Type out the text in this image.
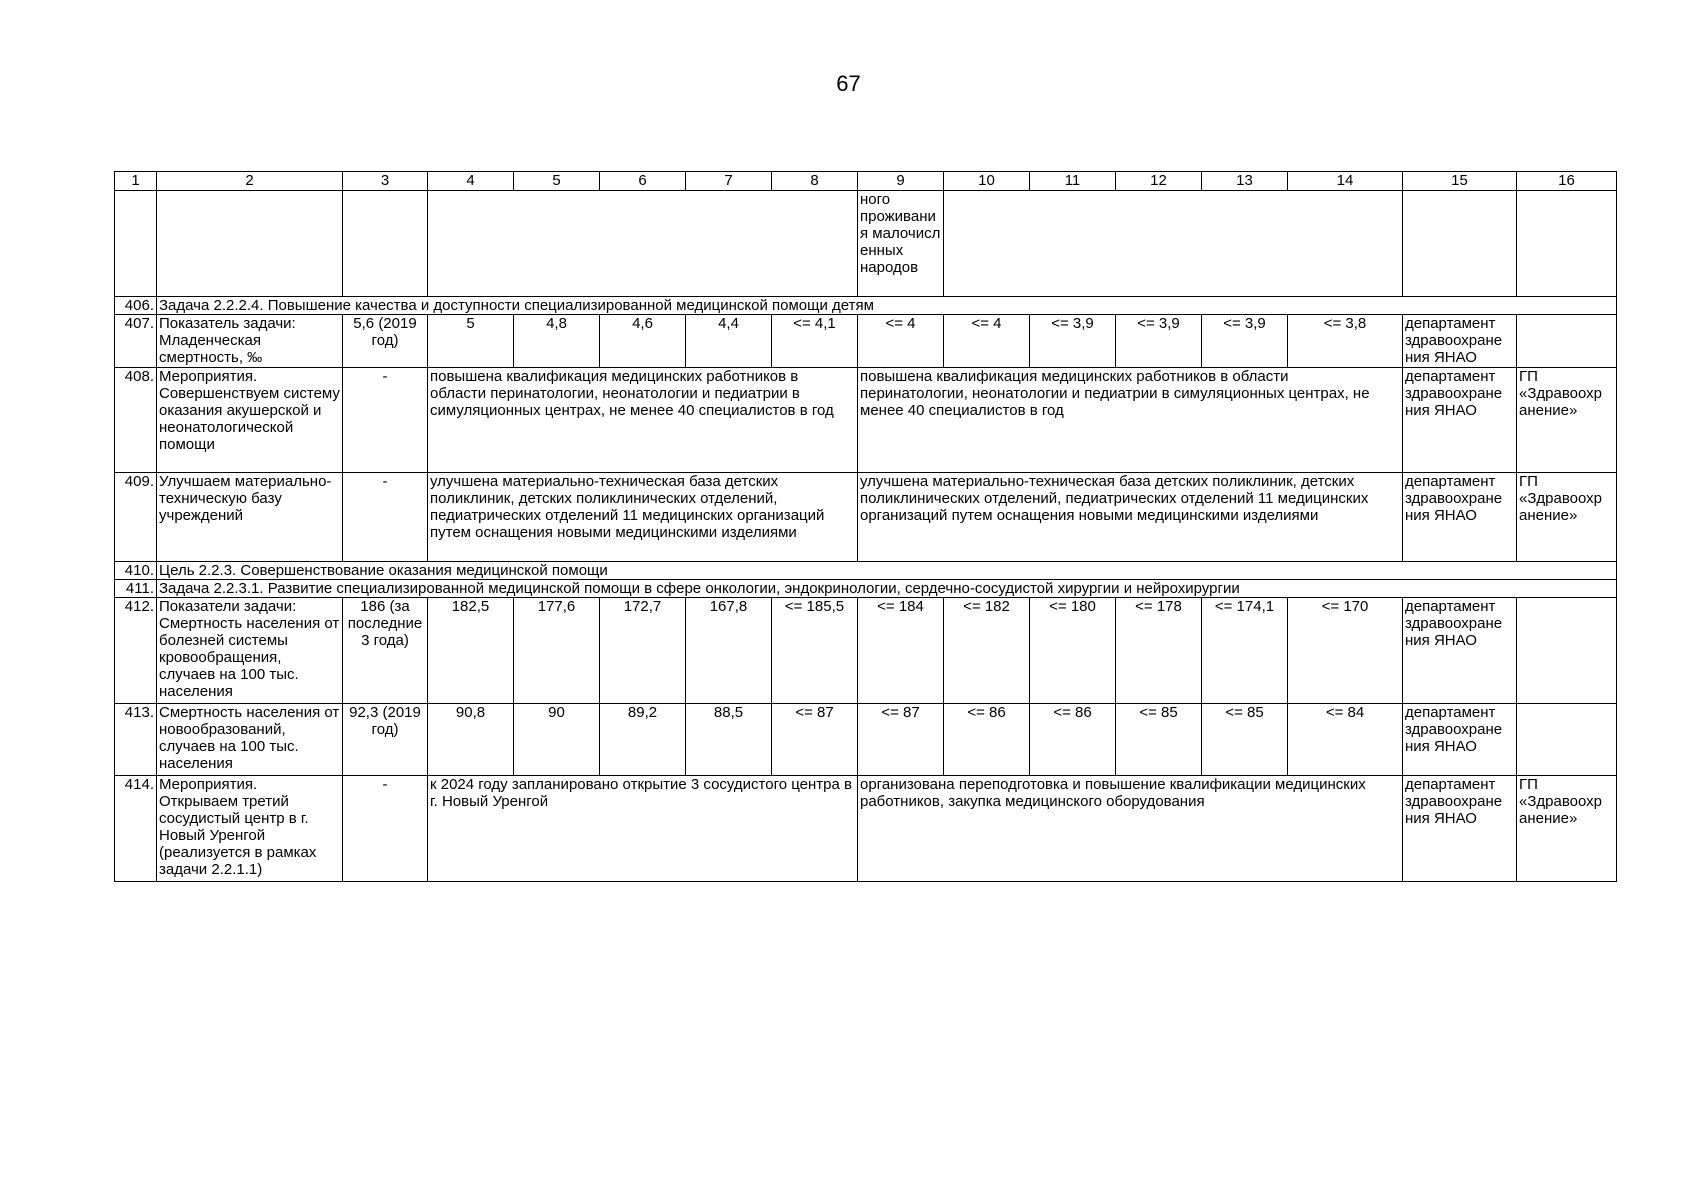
67
1	2	3	4	5	6	7	8	9	10	11	12	13	14	15	16
								ного проживани я малочисл енных народов							
406.	Задача 2.2.2.4. Повышение качества и доступности специализированной медицинской помощи детям														
407.	Показатель задачи: Младенческая смертность, ‰	5,6 (2019 год)	5	4,8	4,6	4,4	<= 4,1	<= 4	<= 4	<= 3,9	<= 3,9	<= 3,9	<= 3,8	департамент здравоохране ния ЯНАО	
408.	Мероприятия. Совершенствуем систему оказания акушерской и неонатологической помощи	-	повышена квалификация медицинских работников в области перинатологии, неонатологии и педиатрии в симуляционных центрах, не менее 40 специалистов в год					повышена квалификация медицинских работников в области перинатологии, неонатологии и педиатрии в симуляционных центрах, не менее 40 специалистов в год						департамент здравоохране ния ЯНАО	ГП «Здравоохр анение»
409.	Улучшаем материально-техническую базу учреждений	-	улучшена материально-техническая база детских поликлиник, детских поликлинических отделений, педиатрических отделений 11 медицинских организаций путем оснащения новыми медицинскими изделиями					улучшена материально-техническая база детских поликлиник, детских поликлинических отделений, педиатрических отделений 11 медицинских организаций путем оснащения новыми медицинскими изделиями						департамент здравоохране ния ЯНАО	ГП «Здравоохр анение»
410.	Цель 2.2.3. Совершенствование оказания медицинской помощи														
411.	Задача 2.2.3.1. Развитие специализированной медицинской помощи в сфере онкологии, эндокринологии, сердечно-сосудистой хирургии и нейрохирургии														
412.	Показатели задачи: Смертность населения от болезней системы кровообращения, случаев на 100 тыс. населения	186 (за последние 3 года)	182,5	177,6	172,7	167,8	<= 185,5	<= 184	<= 182	<= 180	<= 178	<= 174,1	<= 170	департамент здравоохране ния ЯНАО	
413.	Смертность населения от новообразований, случаев на 100 тыс. населения	92,3 (2019 год)	90,8	90	89,2	88,5	<= 87	<= 87	<= 86	<= 86	<= 85	<= 85	<= 84	департамент здравоохране ния ЯНАО	
414.	Мероприятия. Открываем третий сосудистый центр в г. Новый Уренгой (реализуется в рамках задачи 2.2.1.1)	-	к 2024 году запланировано открытие 3 сосудистого центра в г. Новый Уренгой					организована переподготовка и повышение квалификации медицинских работников, закупка медицинского оборудования						департамент здравоохране ния ЯНАО	ГП «Здравоохр анение»
